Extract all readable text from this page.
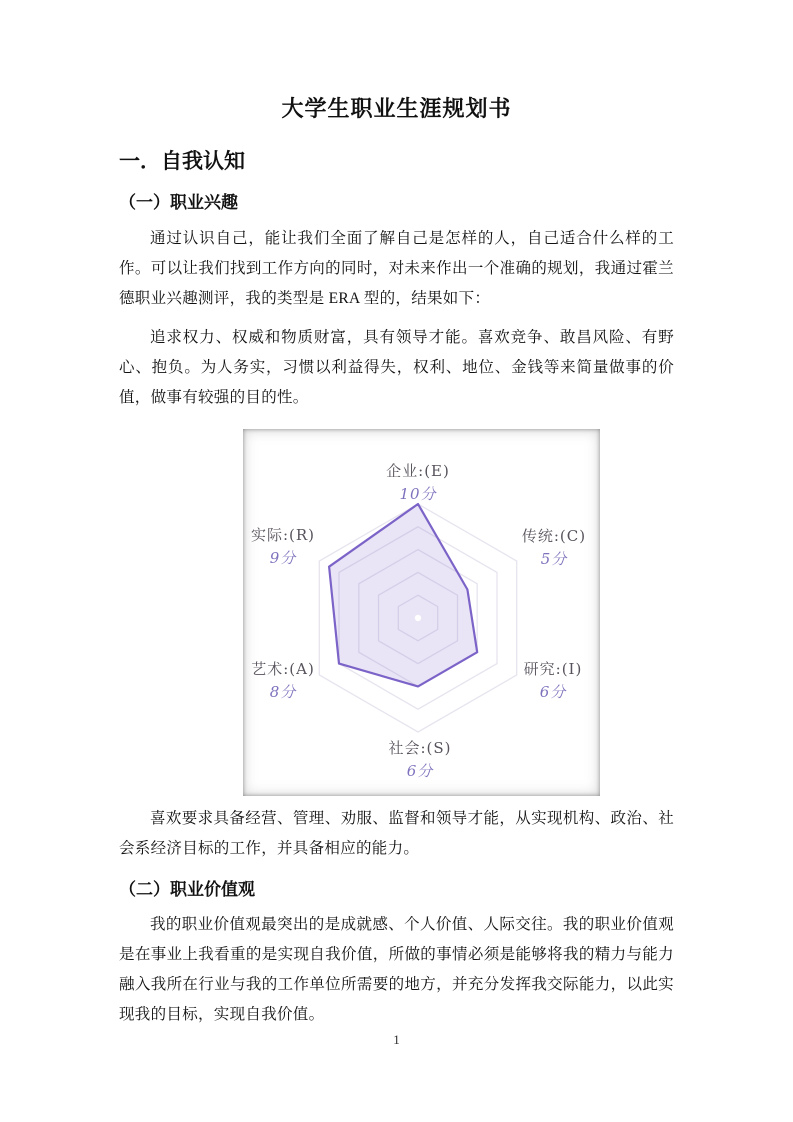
大学生职业生涯规划书
一．自我认知
（一）职业兴趣

通过认识自己，能让我们全面了解自己是怎样的人，自己适合什么样的工作。可以让我们找到工作方向的同时，对未来作出一个准确的规划，我通过霍兰德职业兴趣测评，我的类型是 ERA 型的，结果如下：

追求权力、权威和物质财富，具有领导才能。喜欢竞争、敢昌风险、有野心、抱负。为人务实，习惯以利益得失，权利、地位、金钱等来简量做事的价值，做事有较强的目的性。

企业:(E)
10分
传统:(C)
5分
研究:(I)
6分
社会:(S)
6分
艺术:(A)
8分
实际:(R)
9分

喜欢要求具备经营、管理、劝服、监督和领导才能，从实现机构、政治、社会系经济目标的工作，并具备相应的能力。

（二）职业价值观

我的职业价值观最突出的是成就感、个人价值、人际交往。我的职业价值观是在事业上我看重的是实现自我价值，所做的事情必须是能够将我的精力与能力融入我所在行业与我的工作单位所需要的地方，并充分发挥我交际能力，以此实现我的目标，实现自我价值。

1
